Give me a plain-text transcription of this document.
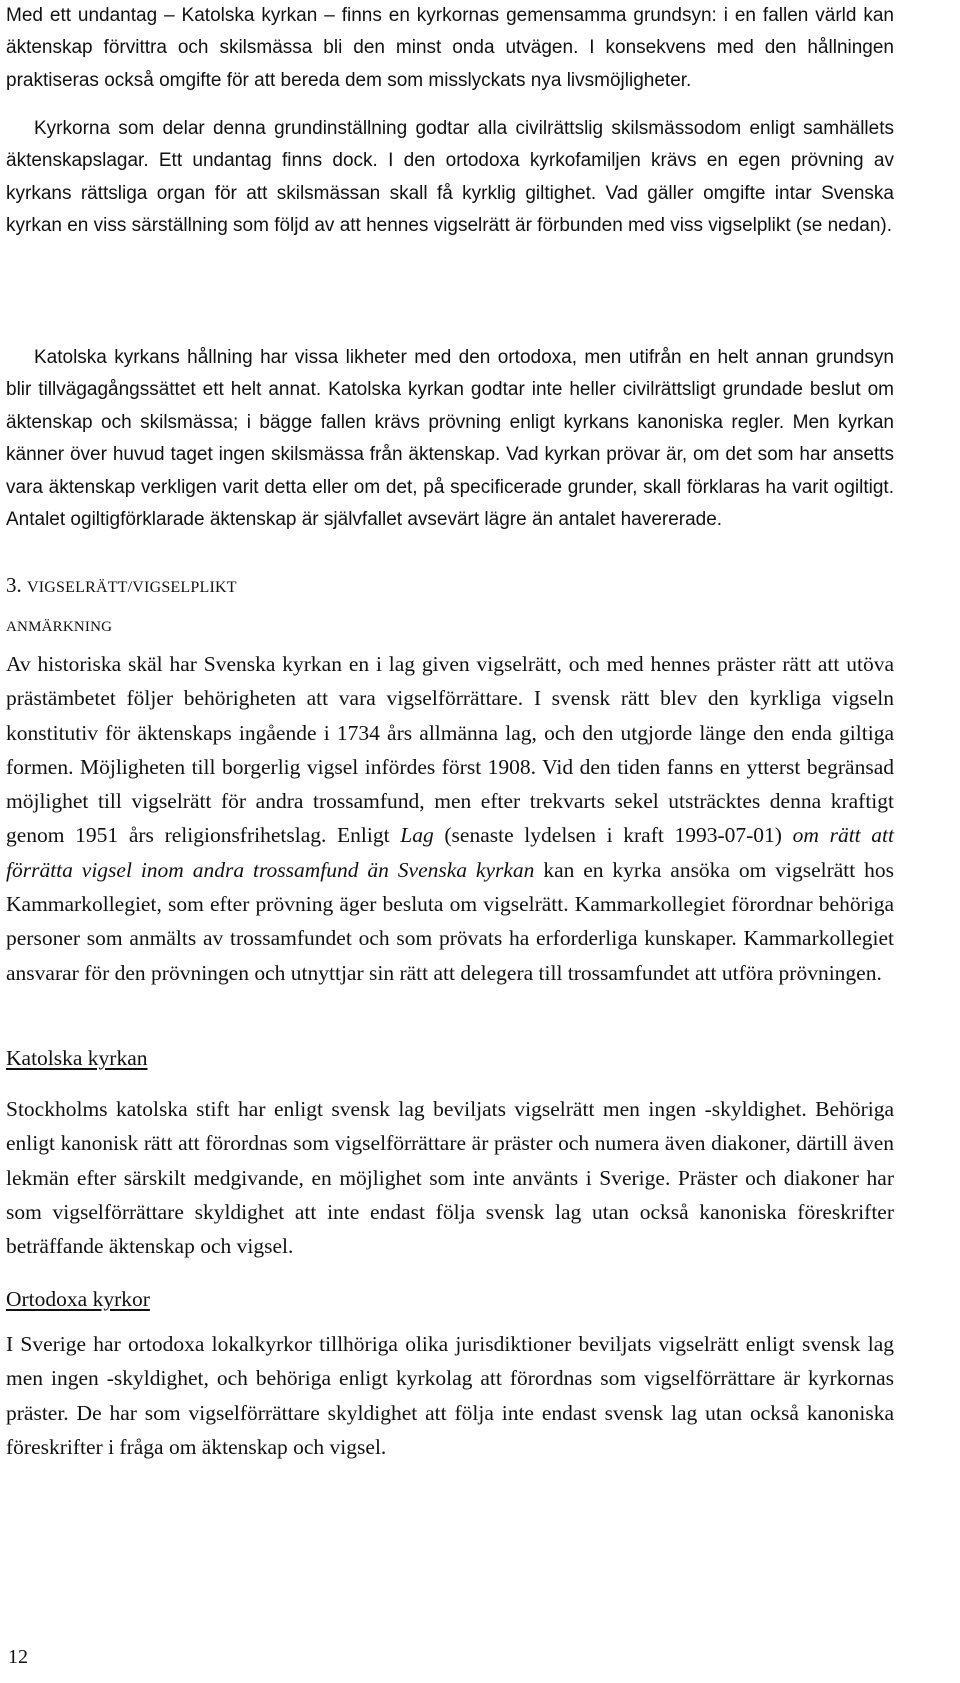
Med ett undantag – Katolska kyrkan – finns en kyrkornas gemensamma grundsyn: i en fallen värld kan äktenskap förvittra och skilsmässa bli den minst onda utvägen. I konsekvens med den hållningen praktiseras också omgifte för att bereda dem som misslyckats nya livsmöjligheter.

Kyrkorna som delar denna grundinställning godtar alla civilrättslig skilsmässodom enligt samhällets äktenskapslagar. Ett undantag finns dock. I den ortodoxa kyrkofamiljen krävs en egen prövning av kyrkans rättsliga organ för att skilsmässan skall få kyrklig giltighet. Vad gäller omgifte intar Svenska kyrkan en viss särställning som följd av att hennes vigselrätt är förbunden med viss vigselplikt (se nedan).

Katolska kyrkans hållning har vissa likheter med den ortodoxa, men utifrån en helt annan grundsyn blir tillvägagångssättet ett helt annat. Katolska kyrkan godtar inte heller civilrättsligt grundade beslut om äktenskap och skilsmässa; i bägge fallen krävs prövning enligt kyrkans kanoniska regler. Men kyrkan känner över huvud taget ingen skilsmässa från äktenskap. Vad kyrkan prövar är, om det som har ansetts vara äktenskap verkligen varit detta eller om det, på specificerade grunder, skall förklaras ha varit ogiltigt. Antalet ogiltigförklarade äktenskap är självfallet avsevärt lägre än antalet havererade.

3. VIGSELRÄTT/VIGSELPLIKT
ANMÄRKNING

Av historiska skäl har Svenska kyrkan en i lag given vigselrätt, och med hennes präster rätt att utöva prästämbetet följer behörigheten att vara vigselförrättare. I svensk rätt blev den kyrkliga vigseln konstitutiv för äktenskaps ingående i 1734 års allmänna lag, och den utgjorde länge den enda giltiga formen. Möjligheten till borgerlig vigsel infördes först 1908. Vid den tiden fanns en ytterst begränsad möjlighet till vigselrätt för andra trossamfund, men efter trekvarts sekel utsträcktes denna kraftigt genom 1951 års religionsfrihetslag. Enligt Lag (senaste lydelsen i kraft 1993-07-01) om rätt att förrätta vigsel inom andra trossamfund än Svenska kyrkan kan en kyrka ansöka om vigselrätt hos Kammarkollegiet, som efter prövning äger besluta om vigselrätt. Kammarkollegiet förordnar behöriga personer som anmälts av trossamfundet och som prövats ha erforderliga kunskaper. Kammarkollegiet ansvarar för den prövningen och utnyttjar sin rätt att delegera till trossamfundet att utföra prövningen.

Katolska kyrkan

Stockholms katolska stift har enligt svensk lag beviljats vigselrätt men ingen -skyldighet. Behöriga enligt kanonisk rätt att förordnas som vigselförrättare är präster och numera även diakoner, därtill även lekmän efter särskilt medgivande, en möjlighet som inte använts i Sverige. Präster och diakoner har som vigselförrättare skyldighet att inte endast följa svensk lag utan också kanoniska föreskrifter beträffande äktenskap och vigsel.

Ortodoxa kyrkor

I Sverige har ortodoxa lokalkyrkor tillhöriga olika jurisdiktioner beviljats vigselrätt enligt svensk lag men ingen -skyldighet, och behöriga enligt kyrkolag att förordnas som vigselförrättare är kyrkornas präster. De har som vigselförrättare skyldighet att följa inte endast svensk lag utan också kanoniska föreskrifter i fråga om äktenskap och vigsel.

12
